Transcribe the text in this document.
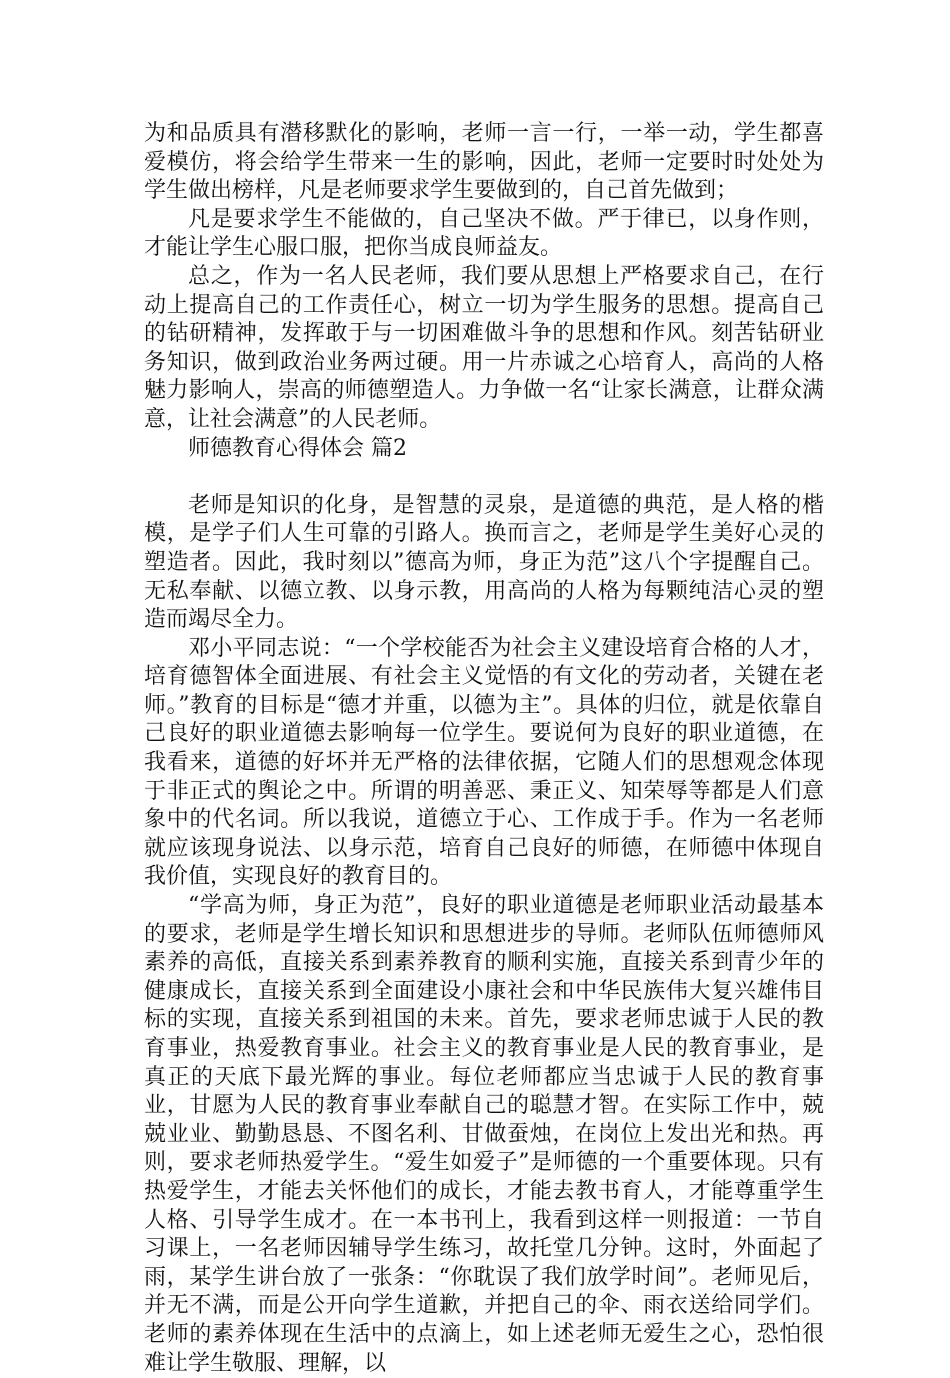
为和品质具有潜移默化的影响，老师一言一行，一举一动，学生都喜爱模仿，将会给学生带来一生的影响，因此，老师一定要时时处处为学生做出榜样，凡是老师要求学生要做到的，自己首先做到；

凡是要求学生不能做的，自己坚决不做。严于律已，以身作则，才能让学生心服口服，把你当成良师益友。

总之，作为一名人民老师，我们要从思想上严格要求自己，在行动上提高自己的工作责任心，树立一切为学生服务的思想。提高自己的钻研精神，发挥敢于与一切困难做斗争的思想和作风。刻苦钻研业务知识，做到政治业务两过硬。用一片赤诚之心培育人，高尚的人格魅力影响人，崇高的师德塑造人。力争做一名“让家长满意，让群众满意，让社会满意”的人民老师。

师德教育心得体会 篇2

老师是知识的化身，是智慧的灵泉，是道德的典范，是人格的楷模，是学子们人生可靠的引路人。换而言之，老师是学生美好心灵的塑造者。因此，我时刻以”德高为师，身正为范”这八个字提醒自己。无私奉献、以德立教、以身示教，用高尚的人格为每颗纯洁心灵的塑造而竭尽全力。

邓小平同志说：“一个学校能否为社会主义建设培育合格的人才，培育德智体全面进展、有社会主义觉悟的有文化的劳动者，关键在老师。”教育的目标是“德才并重，以德为主”。具体的归位，就是依靠自己良好的职业道德去影响每一位学生。要说何为良好的职业道德，在我看来，道德的好坏并无严格的法律依据，它随人们的思想观念体现于非正式的舆论之中。所谓的明善恶、秉正义、知荣辱等都是人们意象中的代名词。所以我说，道德立于心、工作成于手。作为一名老师就应该现身说法、以身示范，培育自己良好的师德，在师德中体现自我价值，实现良好的教育目的。

“学高为师，身正为范”，良好的职业道德是老师职业活动最基本的要求，老师是学生增长知识和思想进步的导师。老师队伍师德师风素养的高低，直接关系到素养教育的顺利实施，直接关系到青少年的健康成长，直接关系到全面建设小康社会和中华民族伟大复兴雄伟目标的实现，直接关系到祖国的未来。首先，要求老师忠诚于人民的教育事业，热爱教育事业。社会主义的教育事业是人民的教育事业，是真正的天底下最光辉的事业。每位老师都应当忠诚于人民的教育事业，甘愿为人民的教育事业奉献自己的聪慧才智。在实际工作中，兢兢业业、勤勤恳恳、不图名利、甘做蚕烛，在岗位上发出光和热。再则，要求老师热爱学生。“爱生如爱子”是师德的一个重要体现。只有热爱学生，才能去关怀他们的成长，才能去教书育人，才能尊重学生人格、引导学生成才。在一本书刊上，我看到这样一则报道：一节自习课上，一名老师因辅导学生练习，故托堂几分钟。这时，外面起了雨，某学生讲台放了一张条：“你耽误了我们放学时间”。老师见后，并无不满，而是公开向学生道歉，并把自己的伞、雨衣送给同学们。老师的素养体现在生活中的点滴上，如上述老师无爱生之心，恐怕很难让学生敬服、理解，以
